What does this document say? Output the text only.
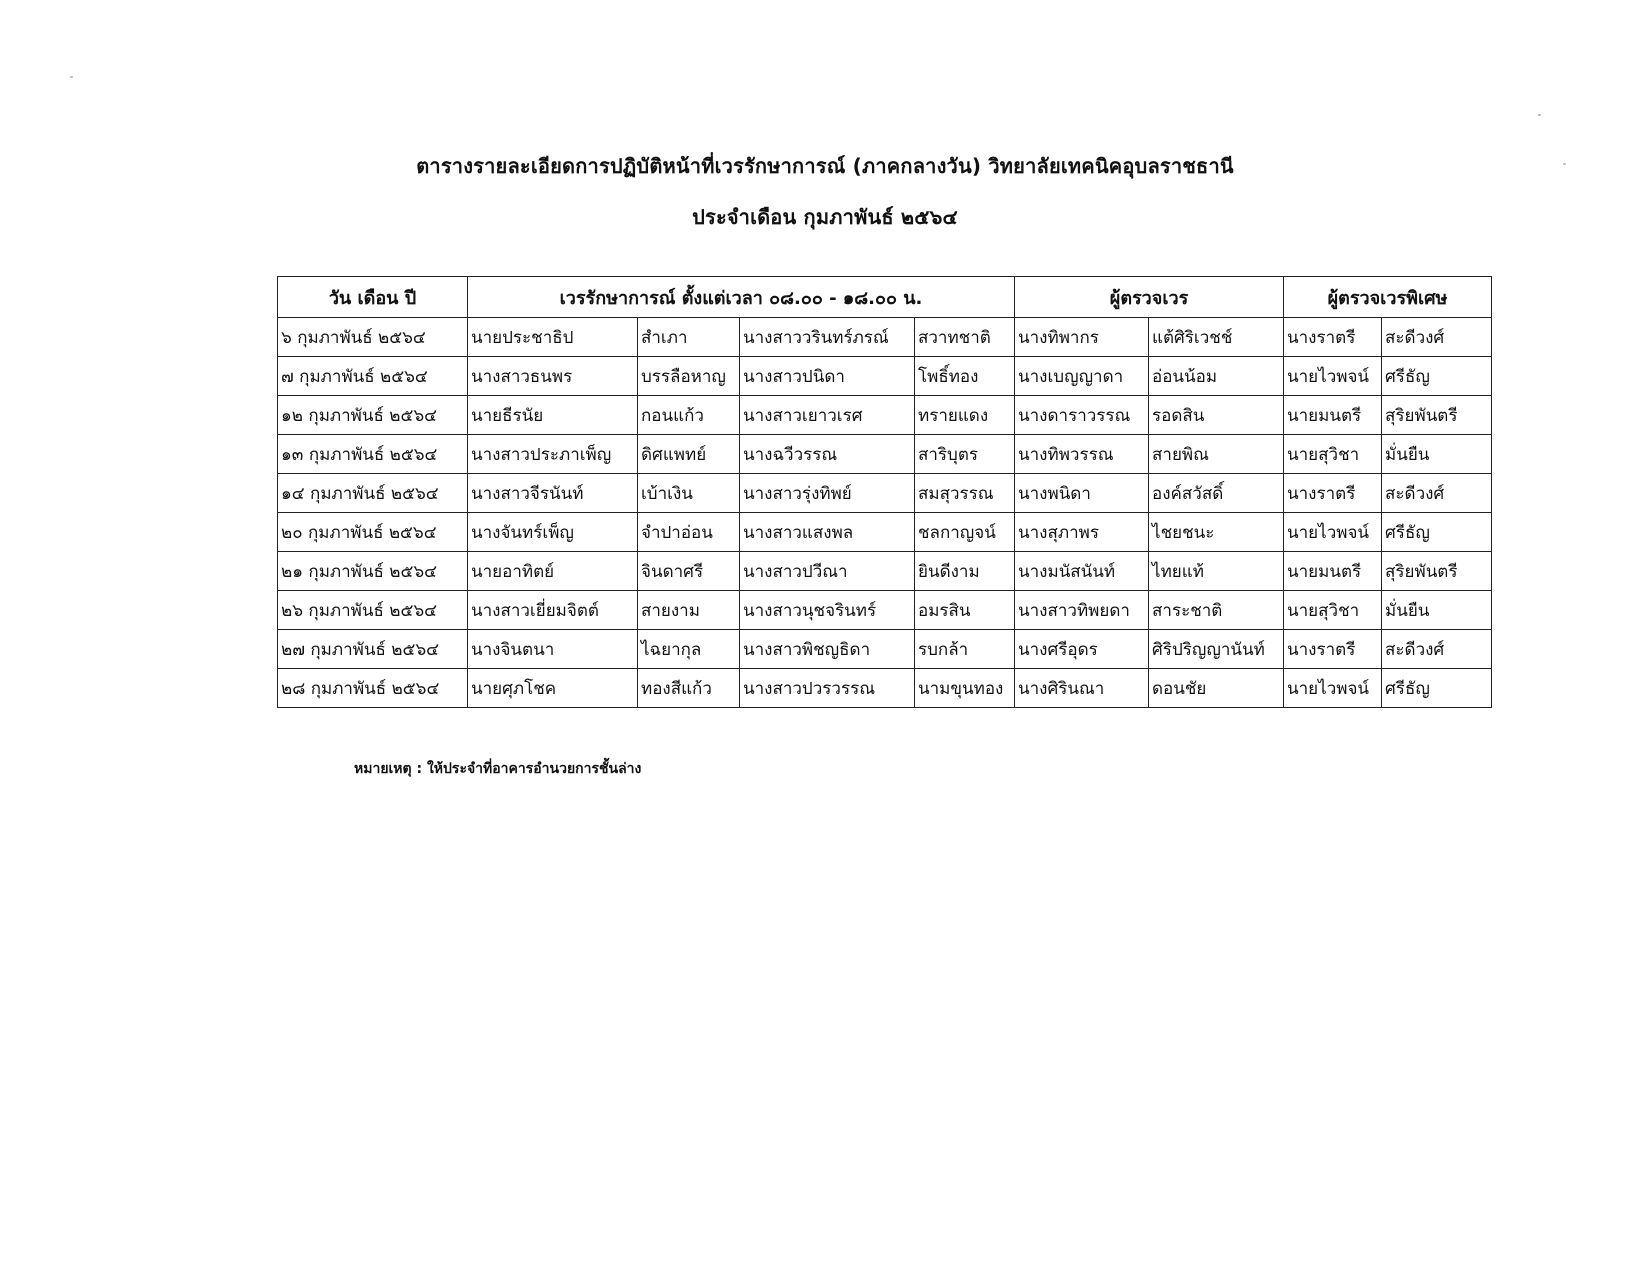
ตารางรายละเอียดการปฏิบัติหน้าที่เวรรักษาการณ์ (ภาคกลางวัน) วิทยาลัยเทคนิคอุบลราชธานี
ประจำเดือน กุมภาพันธ์ ๒๕๖๔
วัน เดือน ปี	เวรรักษาการณ์ ตั้งแต่เวลา ๐๘.๐๐ - ๑๘.๐๐ น.				ผู้ตรวจเวร		ผู้ตรวจเวรพิเศษ	
๖ กุมภาพันธ์ ๒๕๖๔	นายประชาธิป	สำเภา	นางสาววรินทร์ภรณ์	สวาทชาติ	นางทิพากร	แต้ศิริเวชช์	นางราตรี	สะดีวงศ์
๗ กุมภาพันธ์ ๒๕๖๔	นางสาวธนพร	บรรลือหาญ	นางสาวปนิดา	โพธิ์ทอง	นางเบญญาดา	อ่อนน้อม	นายไวพจน์	ศรีธัญ
๑๒ กุมภาพันธ์ ๒๕๖๔	นายธีรนัย	กอนแก้ว	นางสาวเยาวเรศ	ทรายแดง	นางดาราวรรณ	รอดสิน	นายมนตรี	สุริยพันตรี
๑๓ กุมภาพันธ์ ๒๕๖๔	นางสาวประภาเพ็ญ	ดิศแพทย์	นางฉวีวรรณ	สาริบุตร	นางทิพวรรณ	สายพิณ	นายสุวิชา	มั่นยืน
๑๔ กุมภาพันธ์ ๒๕๖๔	นางสาวจีรนันท์	เบ้าเงิน	นางสาวรุ่งทิพย์	สมสุวรรณ	นางพนิดา	องค์สวัสดิ์	นางราตรี	สะดีวงศ์
๒๐ กุมภาพันธ์ ๒๕๖๔	นางจันทร์เพ็ญ	จำปาอ่อน	นางสาวแสงพล	ชลกาญจน์	นางสุภาพร	ไชยชนะ	นายไวพจน์	ศรีธัญ
๒๑ กุมภาพันธ์ ๒๕๖๔	นายอาทิตย์	จินดาศรี	นางสาวปวีณา	ยินดีงาม	นางมนัสนันท์	ไทยแท้	นายมนตรี	สุริยพันตรี
๒๖ กุมภาพันธ์ ๒๕๖๔	นางสาวเยี่ยมจิตต์	สายงาม	นางสาวนุชจรินทร์	อมรสิน	นางสาวทิพยดา	สาระชาติ	นายสุวิชา	มั่นยืน
๒๗ กุมภาพันธ์ ๒๕๖๔	นางจินตนา	ไฉยากุล	นางสาวพิชญธิดา	รบกล้า	นางศรีอุดร	ศิริปริญญานันท์	นางราตรี	สะดีวงศ์
๒๘ กุมภาพันธ์ ๒๕๖๔	นายศุภโชค	ทองสีแก้ว	นางสาวปวรวรรณ	นามขุนทอง	นางศิรินณา	ดอนชัย	นายไวพจน์	ศรีธัญ
หมายเหตุ : ให้ประจำที่อาคารอำนวยการชั้นล่าง
